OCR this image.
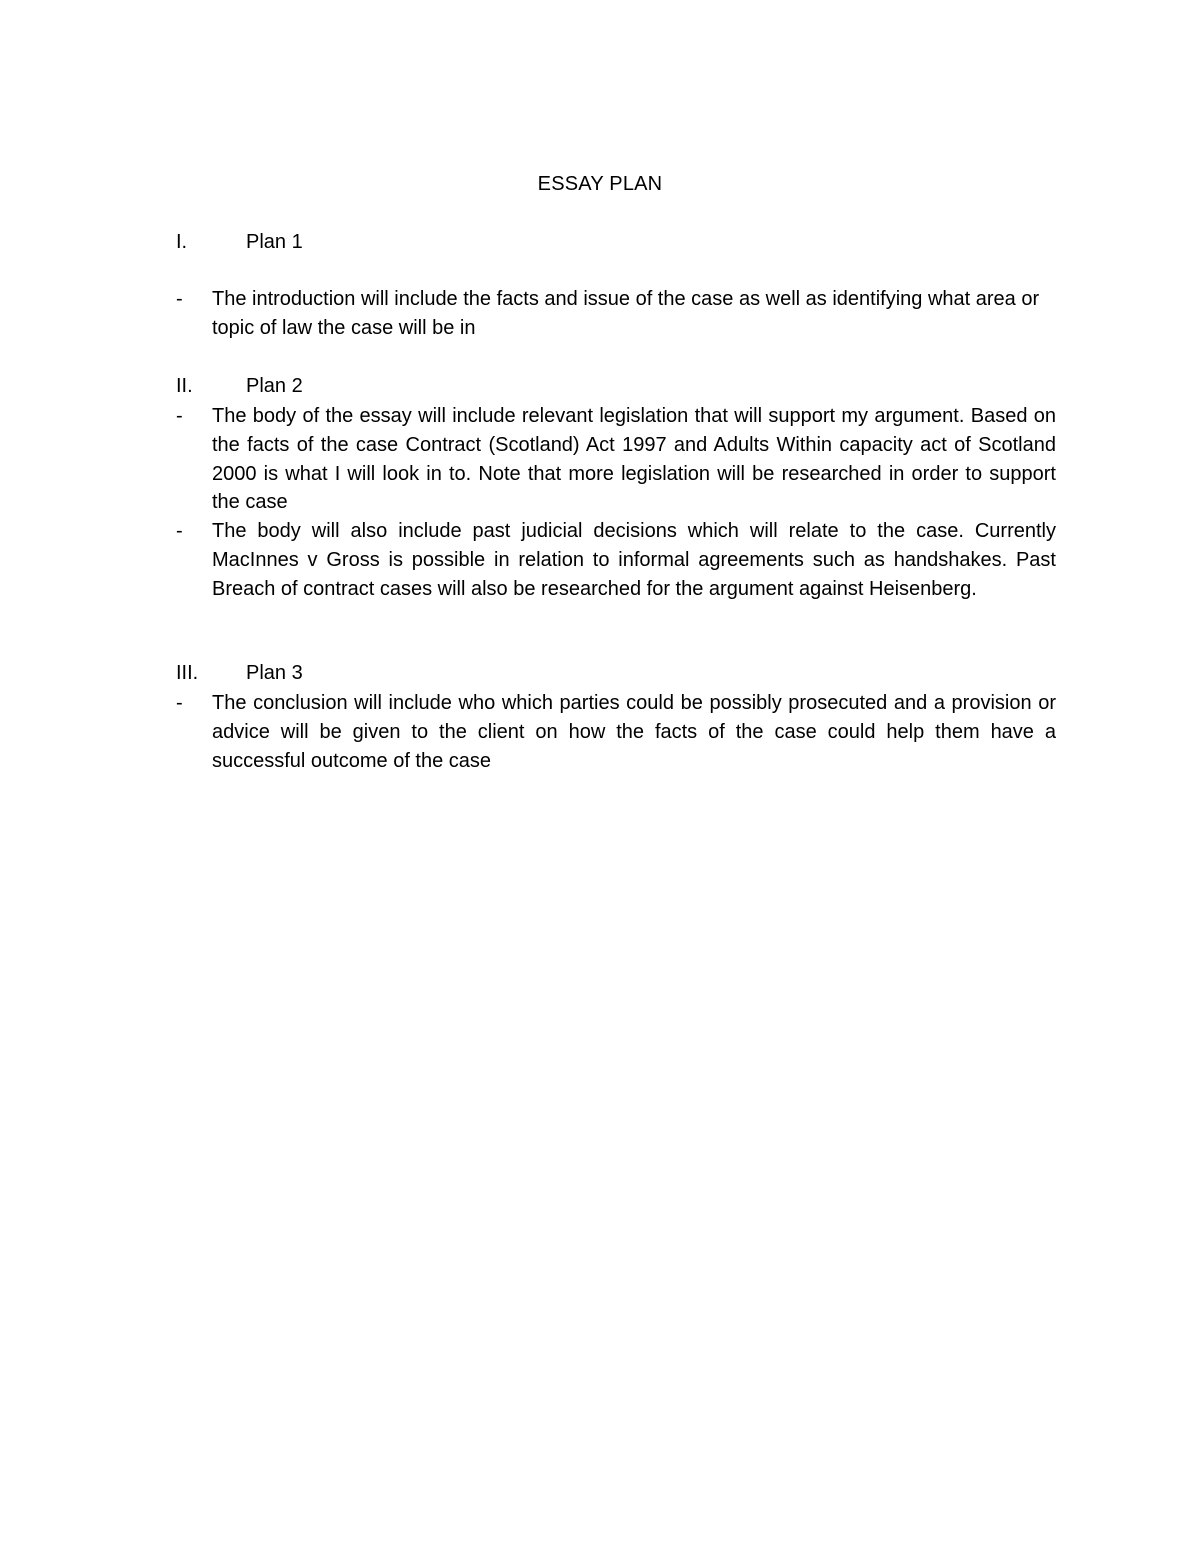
ESSAY PLAN
I.	Plan 1
- The introduction will include the facts and issue of the case as well as identifying what area or topic of law the case will be in
II.	Plan 2
- The body of the essay will include relevant legislation that will support my argument. Based on the facts of the case Contract (Scotland) Act 1997 and Adults Within capacity act of Scotland 2000 is what I will look in to. Note that more legislation will be researched in order to support the case
- The body will also include past judicial decisions which will relate to the case. Currently MacInnes v Gross is possible in relation to informal agreements such as handshakes. Past Breach of contract cases will also be researched for the argument against Heisenberg.
III. Plan 3
- The conclusion will include who which parties could be possibly prosecuted and a provision or advice will be given to the client on how the facts of the case could help them have a successful outcome of the case
